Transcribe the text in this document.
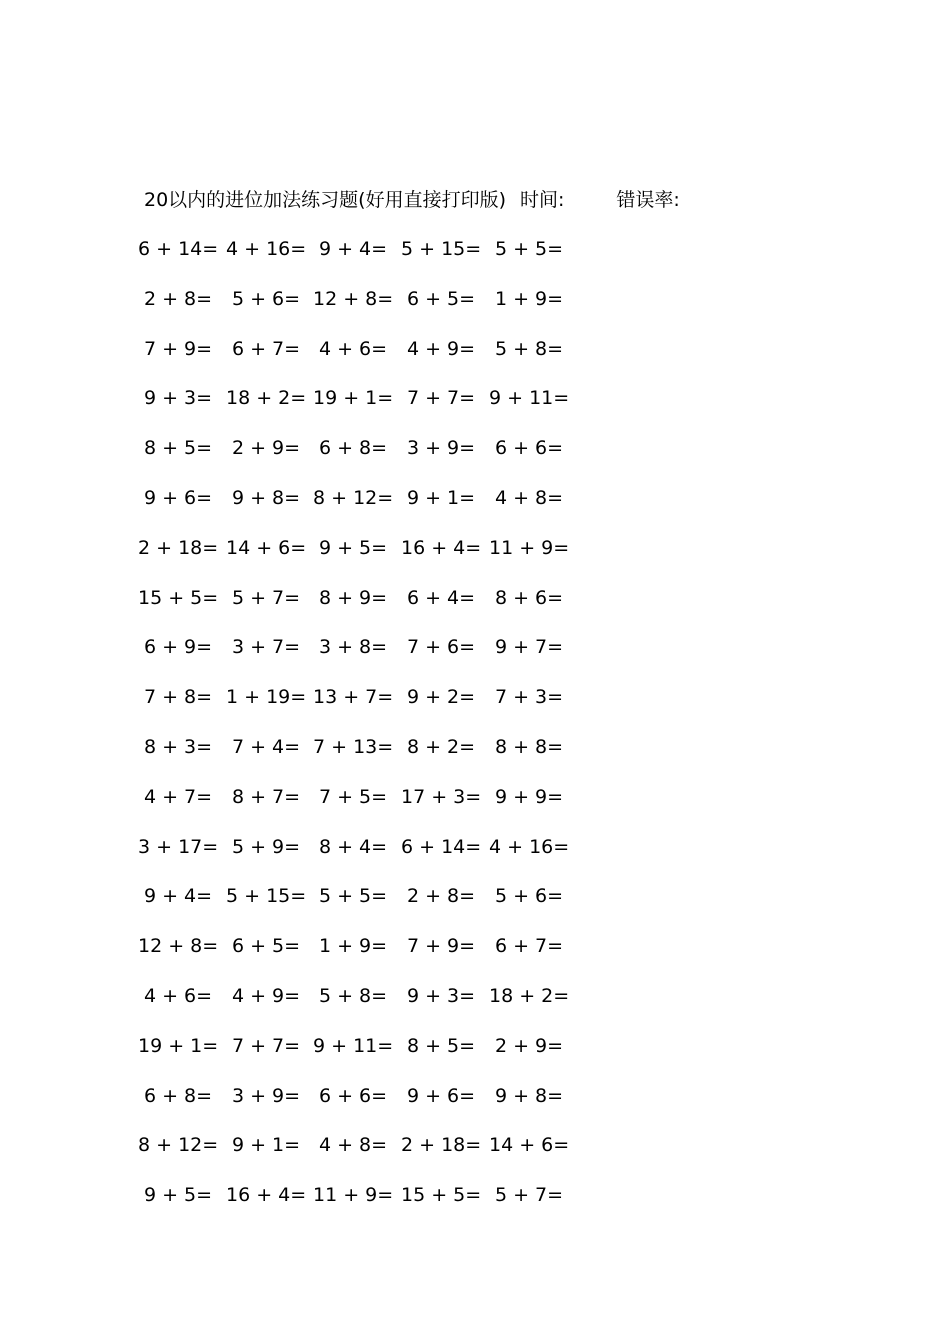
20以内的进位加法练习题(好用直接打印版) 时间:	错误率:
6 + 14= 4 + 16= 9 + 4= 5 + 15= 5 + 5=
2 + 8=	5 + 6= 12 + 8= 6 + 5=	1 + 9=
7 + 9=	6 + 7= 4 + 6=	4 + 9=	5 + 8=
9 + 3= 18 + 2= 19 + 1= 7 + 7= 9 + 11=
8 + 5=	2 + 9= 6 + 8=	3 + 9=	6 + 6=
9 + 6=	9 + 8= 8 + 12= 9 + 1=	4 + 8=
2 + 18= 14 + 6= 9 + 5= 16 + 4= 11 + 9=
15 + 5= 5 + 7= 8 + 9=	6 + 4=	8 + 6=
6 + 9=	3 + 7= 3 + 8=	7 + 6=	9 + 7=
7 + 8= 1 + 19= 13 + 7= 9 + 2=	7 + 3=
8 + 3=	7 + 4= 7 + 13= 8 + 2=	8 + 8=
4 + 7=	8 + 7= 7 + 5= 17 + 3= 9 + 9=
3 + 17= 5 + 9= 8 + 4= 6 + 14= 4 + 16=
9 + 4= 5 + 15= 5 + 5=	2 + 8=	5 + 6=
12 + 8= 6 + 5= 1 + 9=	7 + 9=	6 + 7=
4 + 6=	4 + 9= 5 + 8=	9 + 3= 18 + 2=
19 + 1= 7 + 7= 9 + 11= 8 + 5=	2 + 9=
6 + 8=	3 + 9= 6 + 6=	9 + 6=	9 + 8=
8 + 12= 9 + 1= 4 + 8= 2 + 18= 14 + 6=
9 + 5= 16 + 4= 11 + 9= 15 + 5= 5 + 7=
